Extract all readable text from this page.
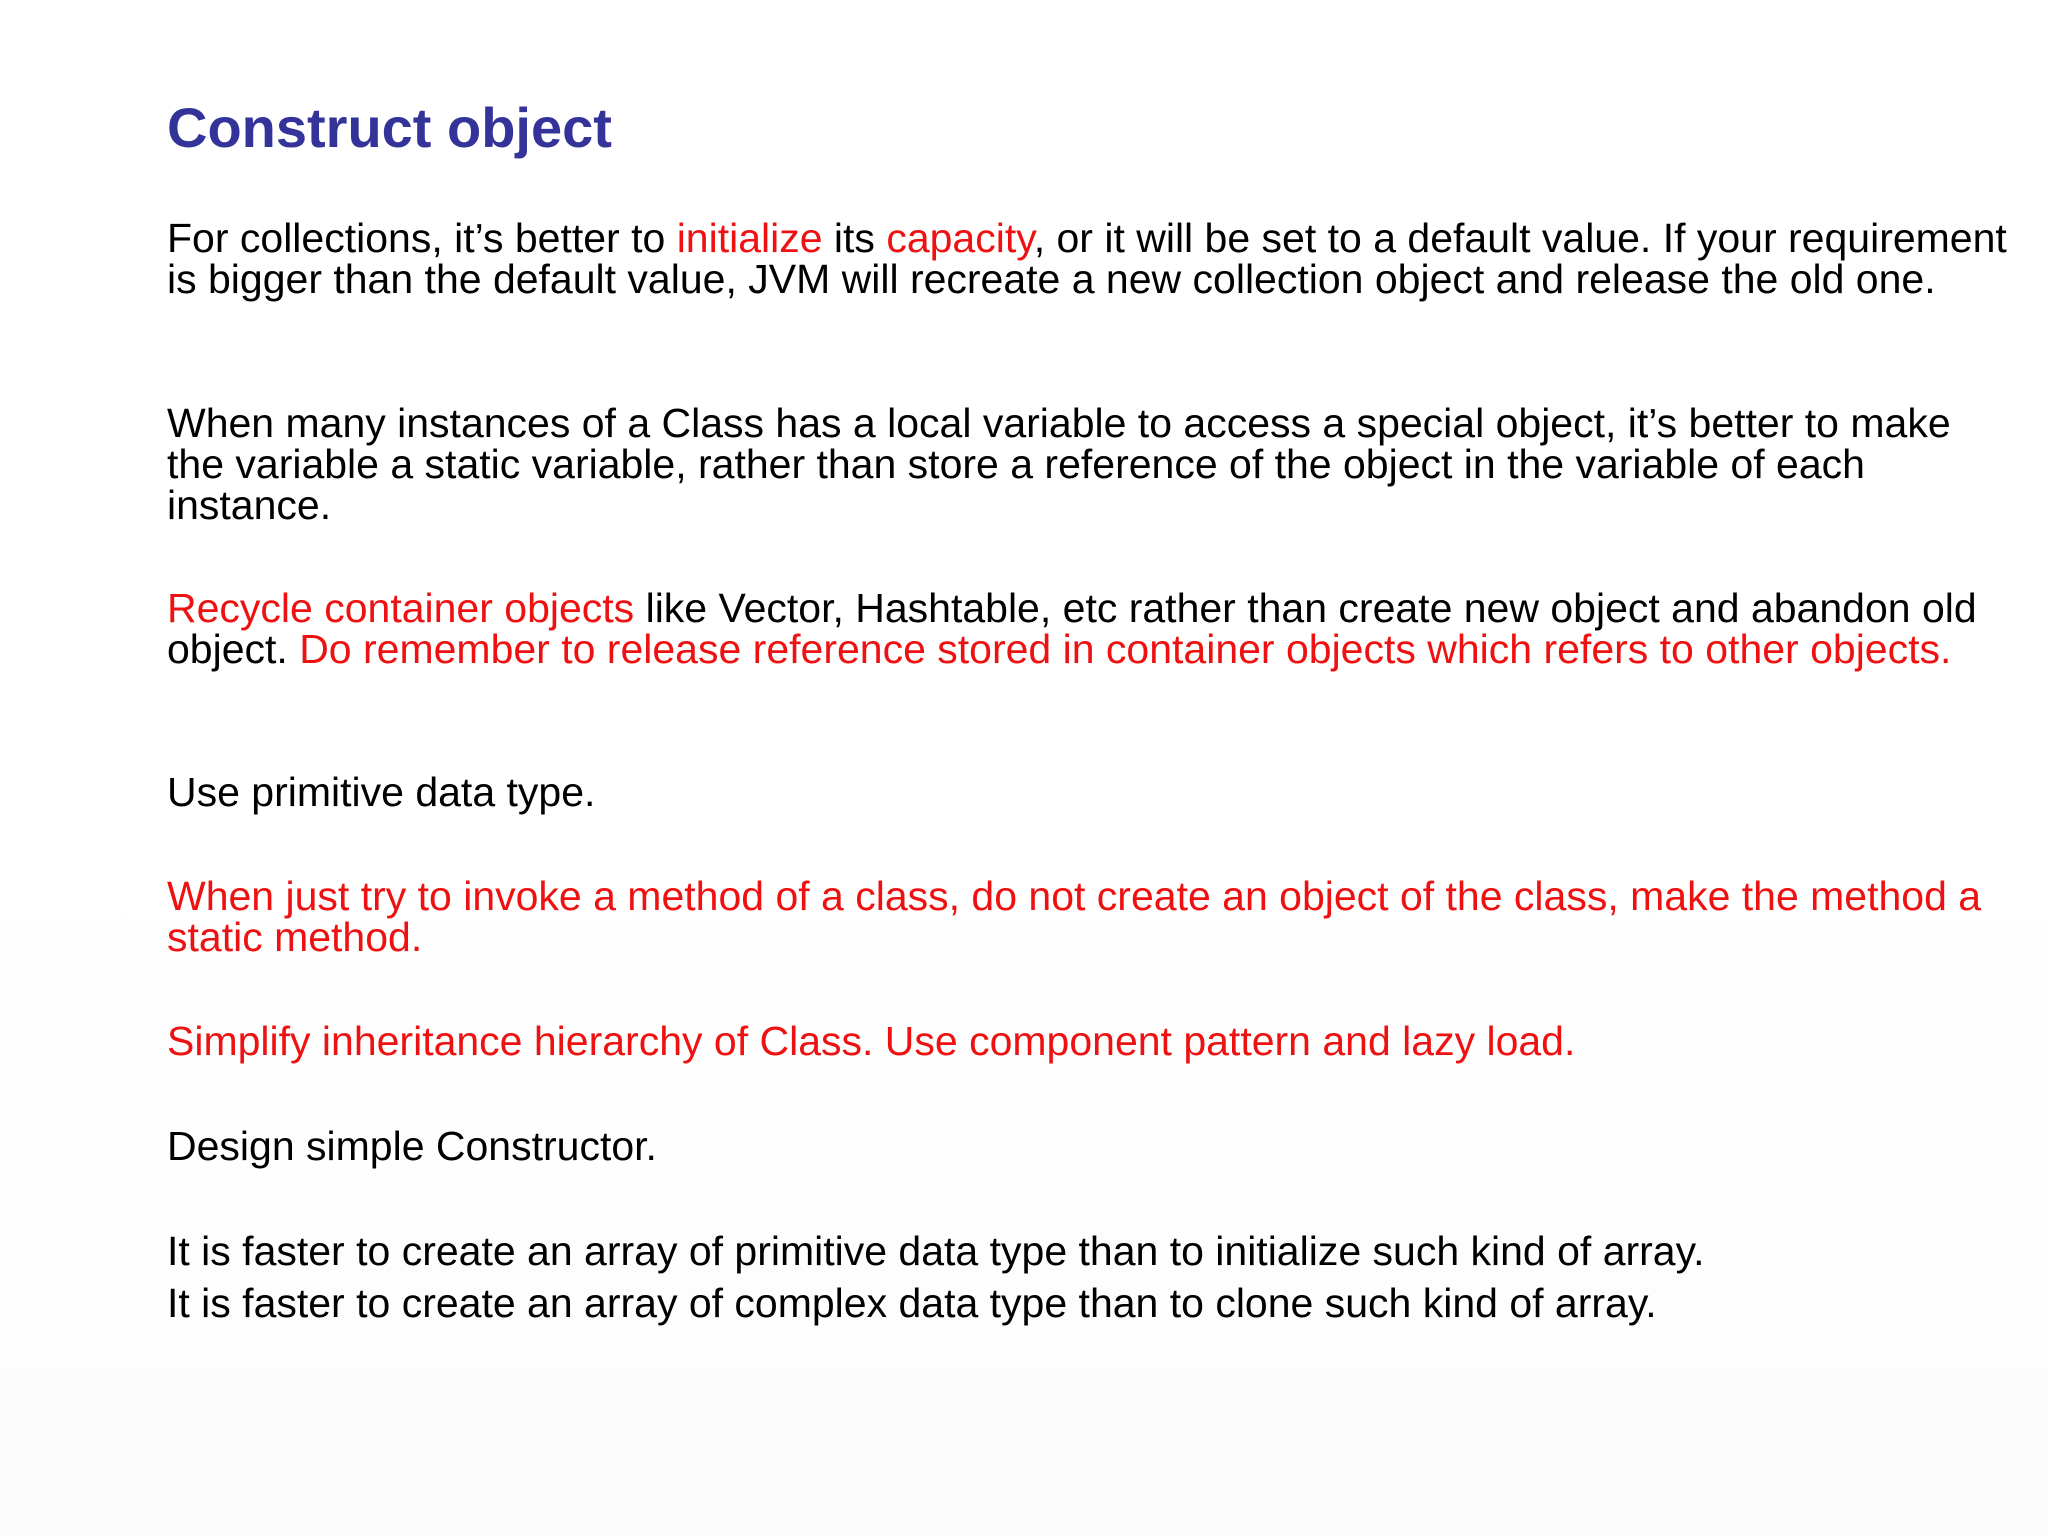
Construct object

For collections, it’s better to initialize its capacity, or it will be set to a default value. If your requirement is bigger than the default value, JVM will recreate a new collection object and release the old one.

When many instances of a Class has a local variable to access a special object, it’s better to make the variable a static variable, rather than store a reference of the object in the variable of each instance.

Recycle container objects like Vector, Hashtable, etc rather than create new object and abandon old object. Do remember to release reference stored in container objects which refers to other objects.

Use primitive data type.

When just try to invoke a method of a class, do not create an object of the class, make the method a static method.

Simplify inheritance hierarchy of Class. Use component pattern and lazy load.

Design simple Constructor.

It is faster to create an array of primitive data type than to initialize such kind of array.
It is faster to create an array of complex data type than to clone such kind of array.
